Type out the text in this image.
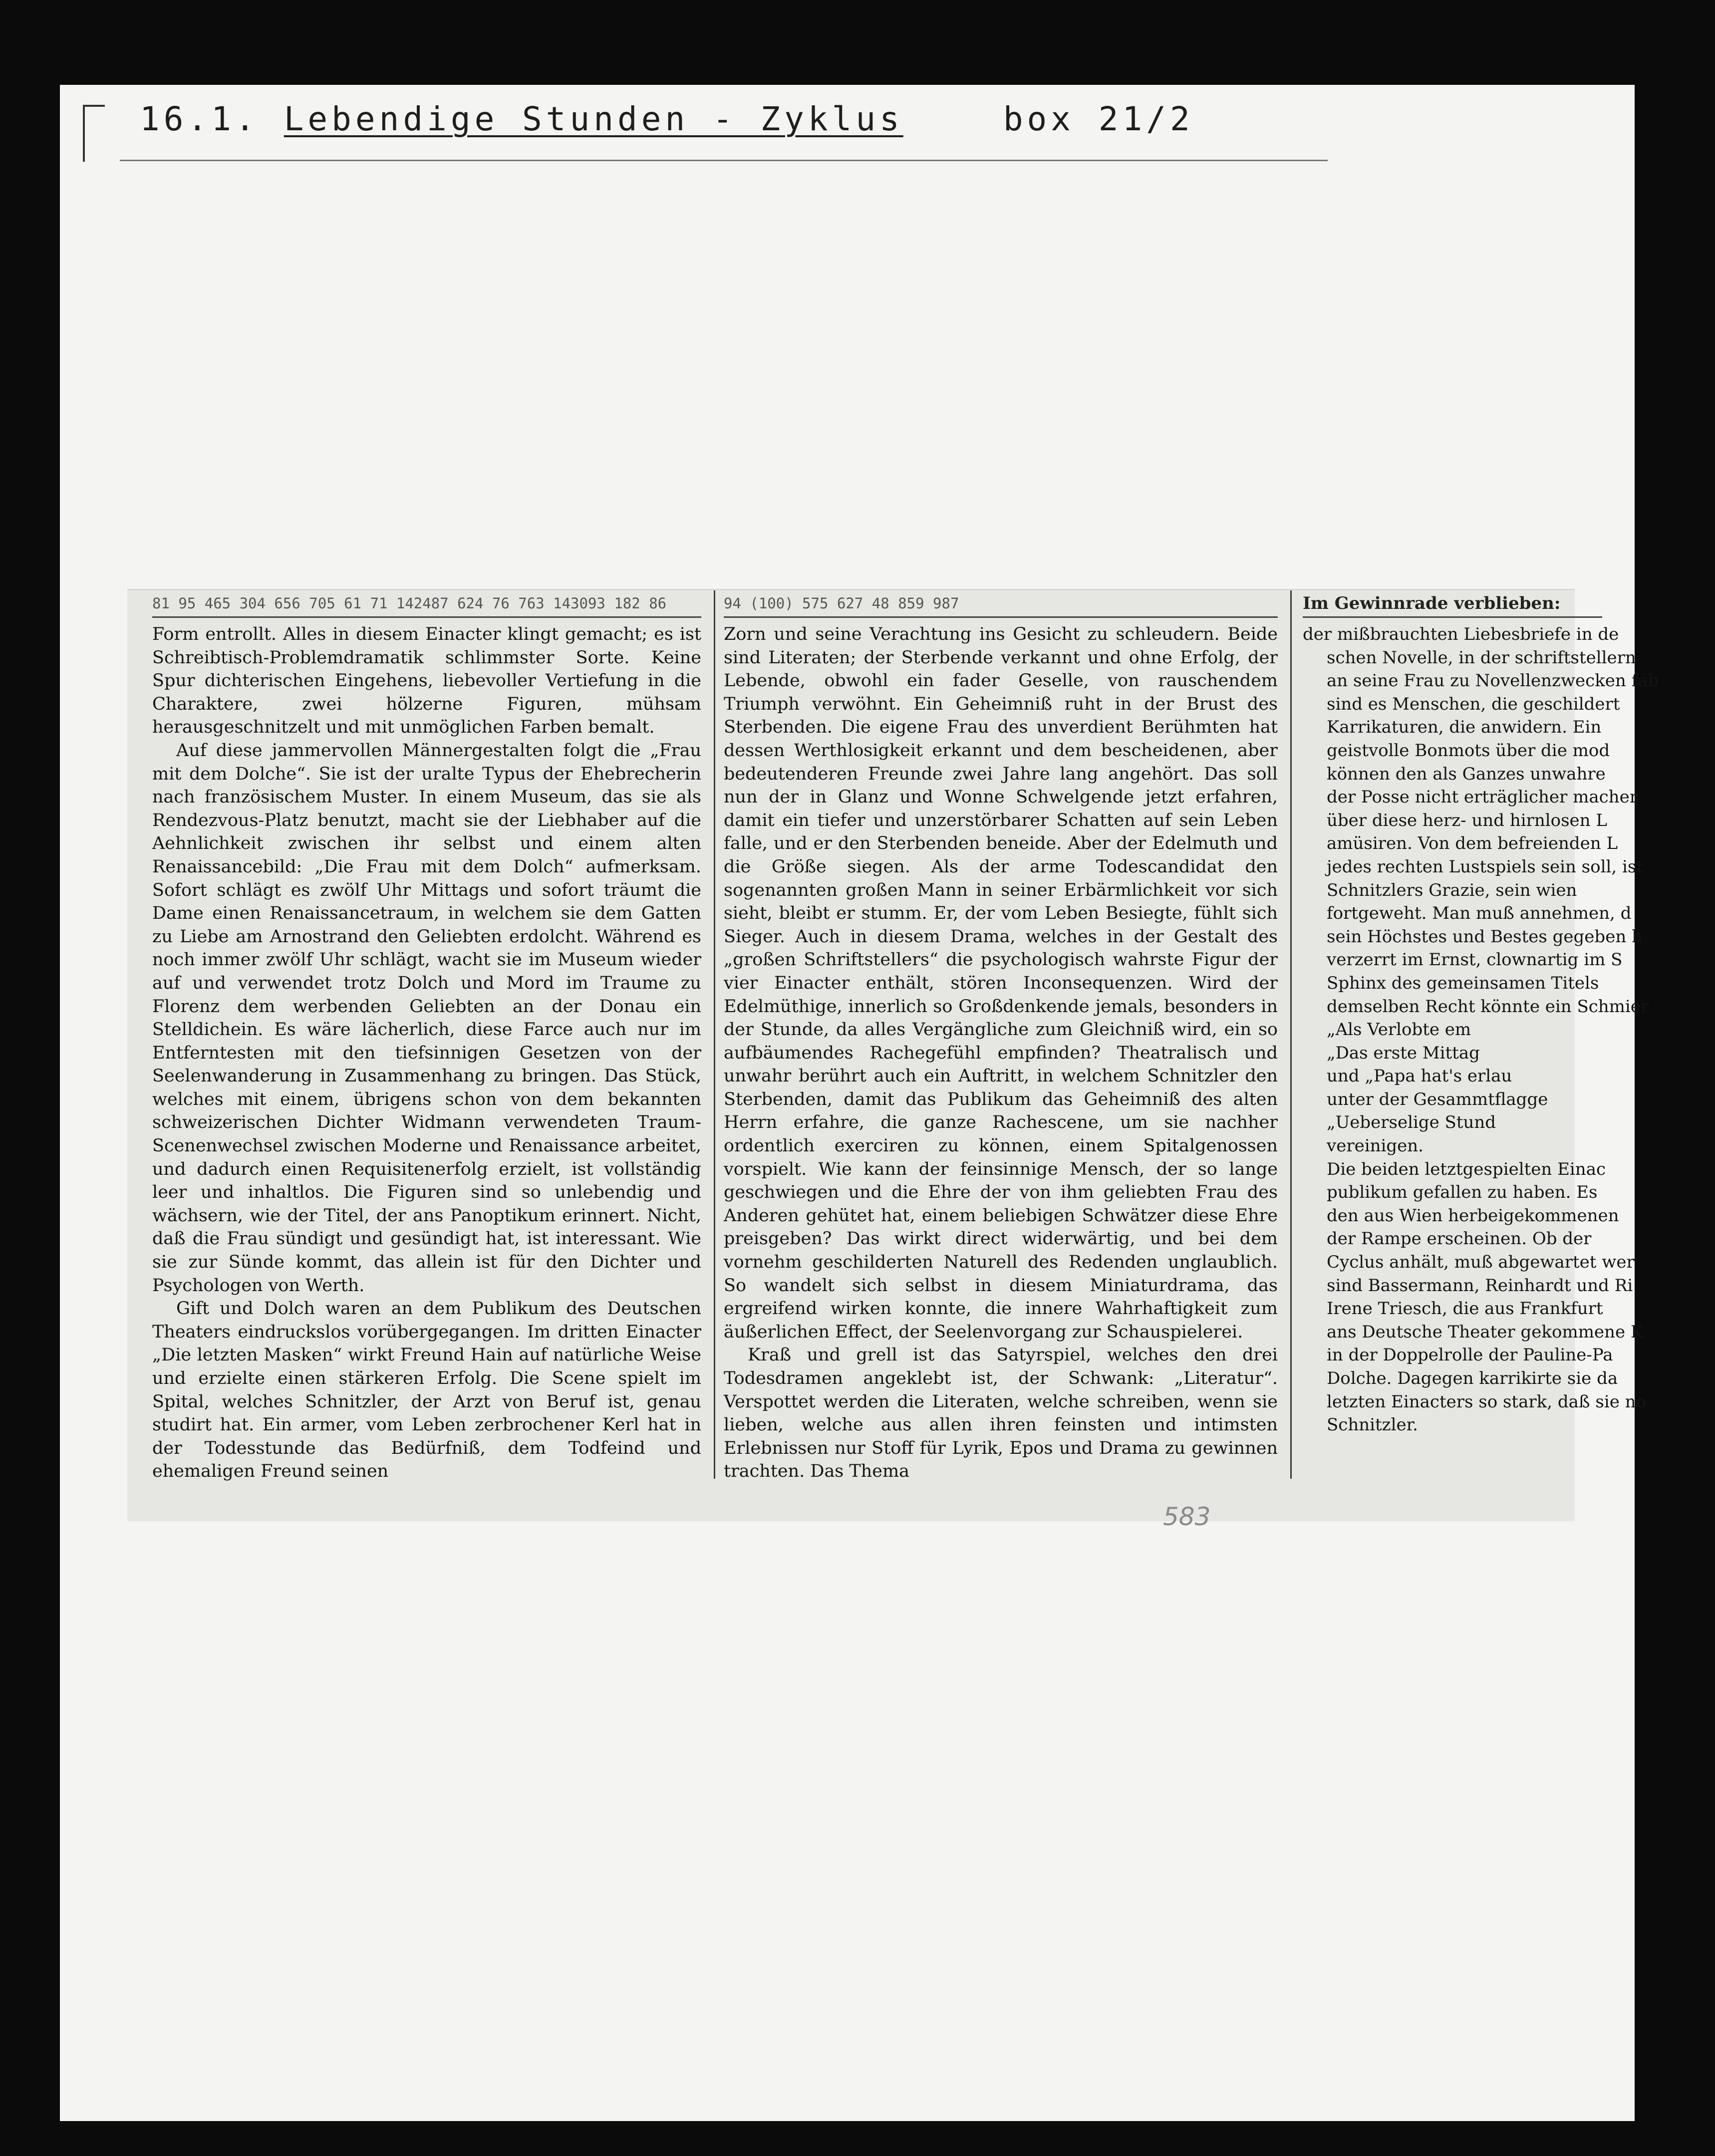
16.1. Lebendige Stunden - Zyklus	box 21/2
81 95 465 304 656 705 61 71 142487 624 76 763 143093 182 86

Form entrollt. Alles in diesem Einacter klingt gemacht; es ist Schreibtisch-Problemdramatik schlimmster Sorte. Keine Spur dichterischen Eingehens, liebevoller Vertiefung in die Charaktere, zwei hölzerne Figuren, mühsam herausgeschnitzelt und mit unmöglichen Farben bemalt.

Auf diese jammervollen Männergestalten folgt die „Frau mit dem Dolche“. Sie ist der uralte Typus der Ehebrecherin nach französischem Muster. In einem Museum, das sie als Rendezvous-Platz benutzt, macht sie der Liebhaber auf die Aehnlichkeit zwischen ihr selbst und einem alten Renaissancebild: „Die Frau mit dem Dolch“ aufmerksam. Sofort schlägt es zwölf Uhr Mittags und sofort träumt die Dame einen Renaissancetraum, in welchem sie dem Gatten zu Liebe am Arnostrand den Geliebten erdolcht. Während es noch immer zwölf Uhr schlägt, wacht sie im Museum wieder auf und verwendet trotz Dolch und Mord im Traume zu Florenz dem werbenden Geliebten an der Donau ein Stelldichein. Es wäre lächerlich, diese Farce auch nur im Entferntesten mit den tiefsinnigen Gesetzen von der Seelenwanderung in Zusammenhang zu bringen. Das Stück, welches mit einem, übrigens schon von dem bekannten schweizerischen Dichter Widmann verwendeten Traum-Scenenwechsel zwischen Moderne und Renaissance arbeitet, und dadurch einen Requisitenerfolg erzielt, ist vollständig leer und inhaltlos. Die Figuren sind so unlebendig und wächsern, wie der Titel, der ans Panoptikum erinnert. Nicht, daß die Frau sündigt und gesündigt hat, ist interessant. Wie sie zur Sünde kommt, das allein ist für den Dichter und Psychologen von Werth.

Gift und Dolch waren an dem Publikum des Deutschen Theaters eindruckslos vorübergegangen. Im dritten Einacter „Die letzten Masken“ wirkt Freund Hain auf natürliche Weise und erzielte einen stärkeren Erfolg. Die Scene spielt im Spital, welches Schnitzler, der Arzt von Beruf ist, genau studirt hat. Ein armer, vom Leben zerbrochener Kerl hat in der Todesstunde das Bedürfniß, dem Todfeind und ehemaligen Freund seinen

94 (100) 575 627 48 859 987

Zorn und seine Verachtung ins Gesicht zu schleudern. Beide sind Literaten; der Sterbende verkannt und ohne Erfolg, der Lebende, obwohl ein fader Geselle, von rauschendem Triumph verwöhnt. Ein Geheimniß ruht in der Brust des Sterbenden. Die eigene Frau des unverdient Berühmten hat dessen Werthlosigkeit erkannt und dem bescheidenen, aber bedeutenderen Freunde zwei Jahre lang angehört. Das soll nun der in Glanz und Wonne Schwelgende jetzt erfahren, damit ein tiefer und unzerstörbarer Schatten auf sein Leben falle, und er den Sterbenden beneide. Aber der Edelmuth und die Größe siegen. Als der arme Todescandidat den sogenannten großen Mann in seiner Erbärmlichkeit vor sich sieht, bleibt er stumm. Er, der vom Leben Besiegte, fühlt sich Sieger. Auch in diesem Drama, welches in der Gestalt des „großen Schriftstellers“ die psychologisch wahrste Figur der vier Einacter enthält, stören Inconsequenzen. Wird der Edelmüthige, innerlich so Großdenkende jemals, besonders in der Stunde, da alles Vergängliche zum Gleichniß wird, ein so aufbäumendes Rachegefühl empfinden? Theatralisch und unwahr berührt auch ein Auftritt, in welchem Schnitzler den Sterbenden, damit das Publikum das Geheimniß des alten Herrn erfahre, die ganze Rachescene, um sie nachher ordentlich exerciren zu können, einem Spitalgenossen vorspielt. Wie kann der feinsinnige Mensch, der so lange geschwiegen und die Ehre der von ihm geliebten Frau des Anderen gehütet hat, einem beliebigen Schwätzer diese Ehre preisgeben? Das wirkt direct widerwärtig, und bei dem vornehm geschilderten Naturell des Redenden unglaublich. So wandelt sich selbst in diesem Miniaturdrama, das ergreifend wirken konnte, die innere Wahrhaftigkeit zum äußerlichen Effect, der Seelenvorgang zur Schauspielerei.

Kraß und grell ist das Satyrspiel, welches den drei Todesdramen angeklebt ist, der Schwank: „Literatur“. Verspottet werden die Literaten, welche schreiben, wenn sie lieben, welche aus allen ihren feinsten und intimsten Erlebnissen nur Stoff für Lyrik, Epos und Drama zu gewinnen trachten. Das Thema

Im Gewinnrade verblieben:

der mißbrauchten Liebesbriefe in de

schen Novelle, in der schriftstellern

an seine Frau zu Novellenzwecken fab

sind es Menschen, die geschildert

Karrikaturen, die anwidern. Ein

geistvolle Bonmots über die mod

können den als Ganzes unwahre

der Posse nicht erträglicher macher

über diese herz- und hirnlosen L

amüsiren. Von dem befreienden L

jedes rechten Lustspiels sein soll, ist

Schnitzlers Grazie, sein wien

fortgeweht. Man muß annehmen, d

sein Höchstes und Bestes gegeben h

verzerrt im Ernst, clownartig im S

Sphinx des gemeinsamen Titels

demselben Recht könnte ein Schmier

„Als Verlobte em

„Das erste Mittag

und „Papa hat's erlau

unter der Gesammtflagge

„Ueberselige Stund

vereinigen.

Die beiden letztgespielten Einac

publikum gefallen zu haben. Es

den aus Wien herbeigekommenen

der Rampe erscheinen. Ob der

Cyclus anhält, muß abgewartet wer

sind Bassermann, Reinhardt und Ri

Irene Triesch, die aus Frankfurt

ans Deutsche Theater gekommene K

in der Doppelrolle der Pauline-Pa

Dolche. Dagegen karrikirte sie da

letzten Einacters so stark, daß sie no

Schnitzler.

583
